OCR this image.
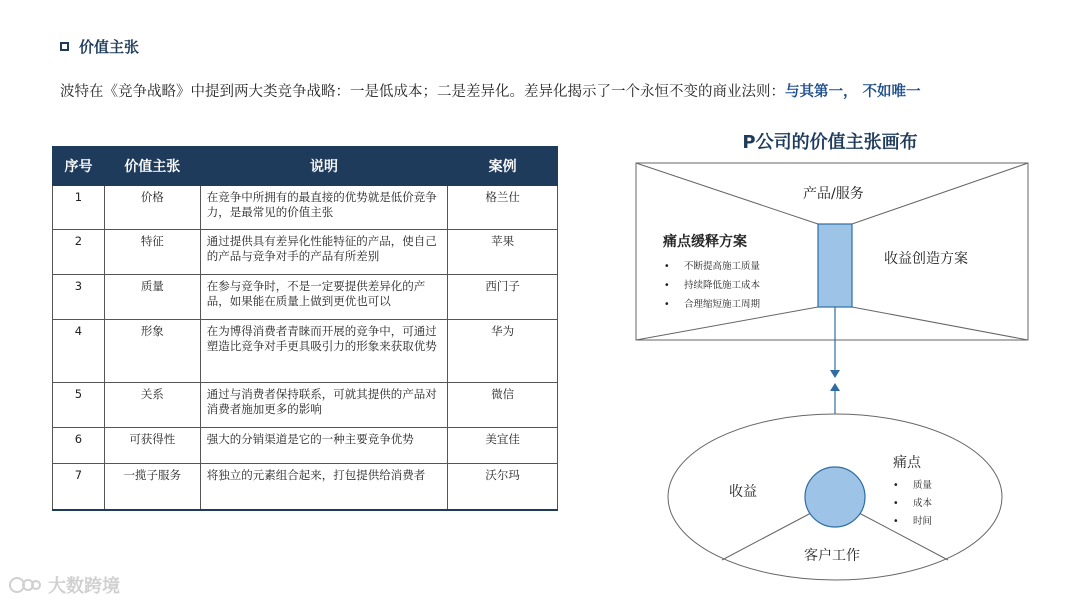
价值主张
波特在《竞争战略》中提到两大类竞争战略：一是低成本；二是差异化。差异化揭示了一个永恒不变的商业法则：与其第一， 不如唯一
序号	价值主张	说明	案例
1	价格	在竞争中所拥有的最直接的优势就是低价竞争力，是最常见的价值主张	格兰仕
2	特征	通过提供具有差异化性能特征的产品，使自己的产品与竞争对手的产品有所差别	苹果
3	质量	在参与竞争时，不是一定要提供差异化的产品，如果能在质量上做到更优也可以	西门子
4	形象	在为博得消费者青睐而开展的竞争中，可通过塑造比竞争对手更具吸引力的形象来获取优势	华为
5	关系	通过与消费者保持联系，可就其提供的产品对消费者施加更多的影响	微信
6	可获得性	强大的分销渠道是它的一种主要竞争优势	美宜佳
7	一揽子服务	将独立的元素组合起来，打包提供给消费者	沃尔玛
P公司的价值主张画布
产品/服务
痛点缓释方案
• 不断提高施工质量
• 持续降低施工成本
• 合理缩短施工周期
收益创造方案
收益
痛点
• 质量
• 成本
• 时间
客户工作
大数跨境
